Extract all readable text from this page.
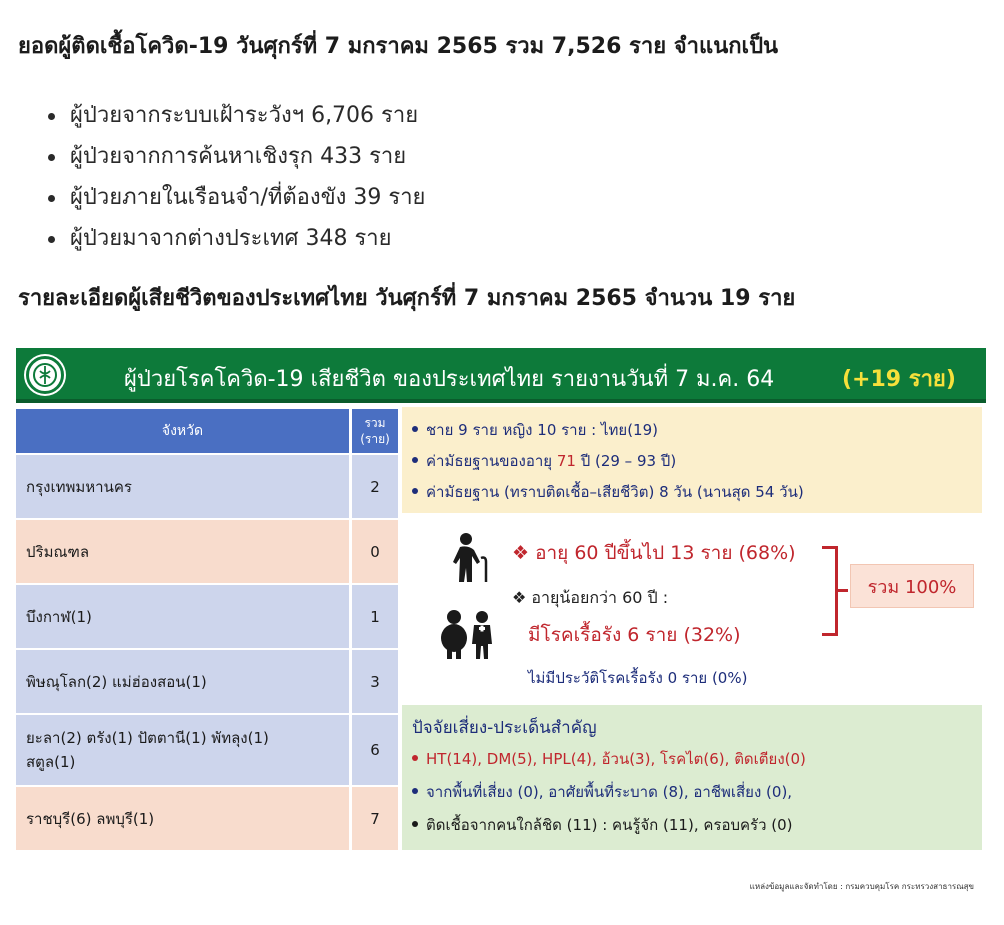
ยอดผู้ติดเชื้อโควิด-19 วันศุกร์ที่ 7 มกราคม 2565 รวม 7,526 ราย จำแนกเป็น
ผู้ป่วยจากระบบเฝ้าระวังฯ 6,706 ราย
ผู้ป่วยจากการค้นหาเชิงรุก 433 ราย
ผู้ป่วยภายในเรือนจำ/ที่ต้องขัง 39 ราย
ผู้ป่วยมาจากต่างประเทศ 348 ราย
รายละเอียดผู้เสียชีวิตของประเทศไทย วันศุกร์ที่ 7 มกราคม 2565 จำนวน 19 ราย
ผู้ป่วยโรคโควิด-19 เสียชีวิต ของประเทศไทย รายงานวันที่ 7 ม.ค. 64	(+19 ราย)
จังหวัด	รวม
(ราย)
กรุงเทพมหานคร	2
ปริมณฑล	0
บึงกาฬ(1)	1
พิษณุโลก(2) แม่ฮ่องสอน(1)	3
ยะลา(2) ตรัง(1) ปัตตานี(1) พัทลุง(1)
สตูล(1)	6
ราชบุรี(6) ลพบุรี(1)	7
ชาย 9 ราย หญิง 10 ราย : ไทย(19)
ค่ามัธยฐานของอายุ 71 ปี (29 – 93 ปี)
ค่ามัธยฐาน (ทราบติดเชื้อ–เสียชีวิต) 8 วัน (นานสุด 54 วัน)
❖ อายุ 60 ปีขึ้นไป 13 ราย (68%)
❖ อายุน้อยกว่า 60 ปี :
มีโรคเรื้อรัง 6 ราย (32%)
ไม่มีประวัติโรคเรื้อรัง 0 ราย (0%)
รวม 100%
ปัจจัยเสี่ยง-ประเด็นสำคัญ
HT(14), DM(5), HPL(4), อ้วน(3), โรคไต(6), ติดเตียง(0)
จากพื้นที่เสี่ยง (0), อาศัยพื้นที่ระบาด (8), อาชีพเสี่ยง (0),
ติดเชื้อจากคนใกล้ชิด (11) : คนรู้จัก (11), ครอบครัว (0)
แหล่งข้อมูลและจัดทำโดย : กรมควบคุมโรค กระทรวงสาธารณสุข
